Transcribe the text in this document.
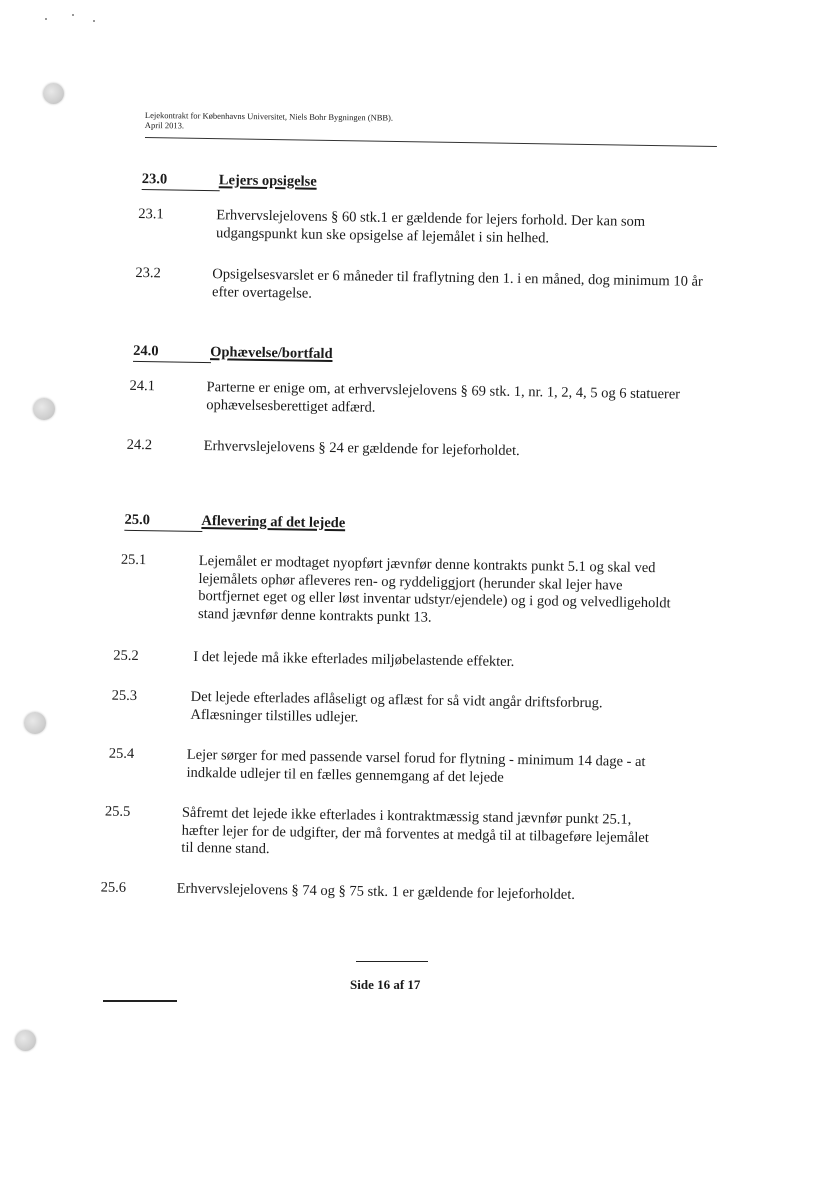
Lejekontrakt for Københavns Universitet, Niels Bohr Bygningen (NBB).
April 2013.
23.0	Lejers opsigelse
23.1	Erhvervslejelovens § 60 stk.1 er gældende for lejers forhold. Der kan som udgangspunkt kun ske opsigelse af lejemålet i sin helhed.
23.2	Opsigelsesvarslet er 6 måneder til fraflytning den 1. i en måned, dog minimum 10 år efter overtagelse.
24.0	Ophævelse/bortfald
24.1	Parterne er enige om, at erhvervslejelovens § 69 stk. 1, nr. 1, 2, 4, 5 og 6 statuerer ophævelsesberettiget adfærd.
24.2	Erhvervslejelovens § 24 er gældende for lejeforholdet.
25.0	Aflevering af det lejede
25.1	Lejemålet er modtaget nyopført jævnfør denne kontrakts punkt 5.1 og skal ved lejemålets ophør afleveres ren- og ryddeliggjort (herunder skal lejer have bortfjernet eget og eller løst inventar udstyr/ejendele) og i god og velvedligeholdt stand jævnfør denne kontrakts punkt 13.
25.2	I det lejede må ikke efterlades miljøbelastende effekter.
25.3	Det lejede efterlades aflåseligt og aflæst for så vidt angår driftsforbrug. Aflæsninger tilstilles udlejer.
25.4	Lejer sørger for med passende varsel forud for flytning - minimum 14 dage - at indkalde udlejer til en fælles gennemgang af det lejede
25.5	Såfremt det lejede ikke efterlades i kontraktmæssig stand jævnfør punkt 25.1, hæfter lejer for de udgifter, der må forventes at medgå til at tilbageføre lejemålet til denne stand.
25.6	Erhvervslejelovens § 74 og § 75 stk. 1 er gældende for lejeforholdet.
Side 16 af 17
